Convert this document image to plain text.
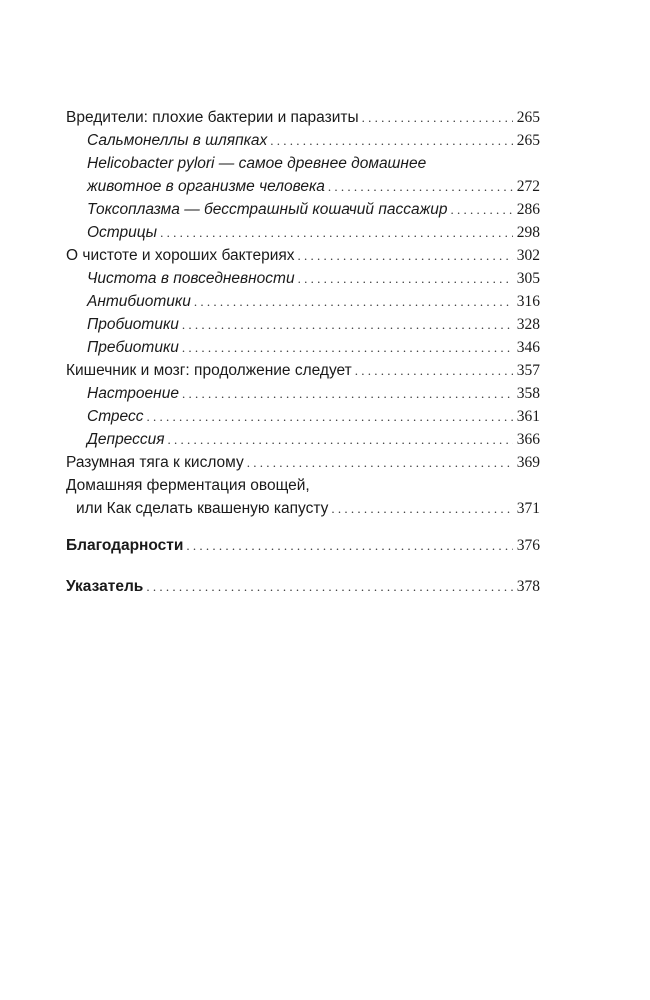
Вредители: плохие бактерии и паразиты . . .	265
Сальмонеллы в шляпках . . .	265
Helicobacter pylori — самое древнее домашнее
животное в организме человека . . .	272
Токсоплазма — бесстрашный кошачий пассажир . . .	286
Острицы . . .	298
О чистоте и хороших бактериях . . .	302
Чистота в повседневности . . .	305
Антибиотики . . .	316
Пробиотики . . .	328
Пребиотики . . .	346
Кишечник и мозг: продолжение следует . . .	357
Настроение . . .	358
Стресс . . .	361
Депрессия . . .	366
Разумная тяга к кислому . . .	369
Домашняя ферментация овощей,
или Как сделать квашеную капусту . . .	371
Благодарности . . .	376
Указатель . . .	378
